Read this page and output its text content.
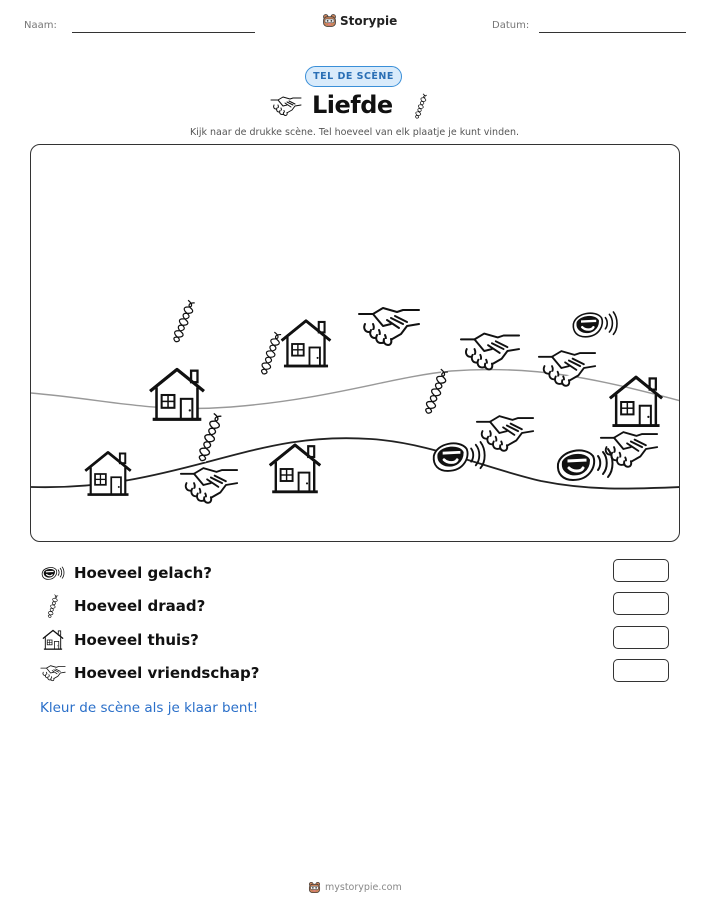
Naam:	Storypie	Datum:
TEL DE SCÈNE
Liefde
Kijk naar de drukke scène. Tel hoeveel van elk plaatje je kunt vinden.
Hoeveel gelach?
Hoeveel draad?
Hoeveel thuis?
Hoeveel vriendschap?
Kleur de scène als je klaar bent!
mystorypie.com
